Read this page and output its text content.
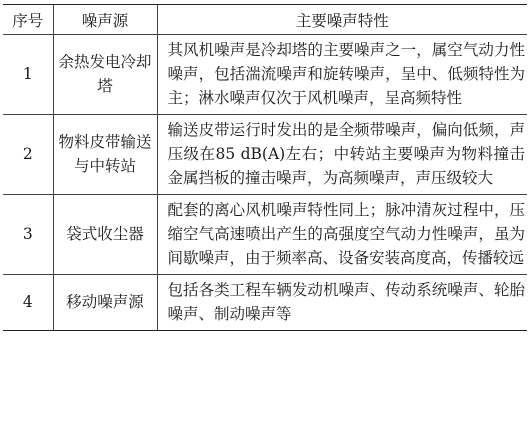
序号	噪声源	主要噪声特性
1	余热发电冷却塔	其风机噪声是冷却塔的主要噪声之一，属空气动力性噪声，包括湍流噪声和旋转噪声，呈中、低频特性为主；淋水噪声仅次于风机噪声，呈高频特性
2	物料皮带输送与中转站	输送皮带运行时发出的是全频带噪声，偏向低频，声压级在85 dB(A)左右；中转站主要噪声为物料撞击金属挡板的撞击噪声，为高频噪声，声压级较大
3	袋式收尘器	配套的离心风机噪声特性同上；脉冲清灰过程中，压缩空气高速喷出产生的高强度空气动力性噪声，虽为间歇噪声，由于频率高、设备安装高度高，传播较远
4	移动噪声源	包括各类工程车辆发动机噪声、传动系统噪声、轮胎噪声、制动噪声等
